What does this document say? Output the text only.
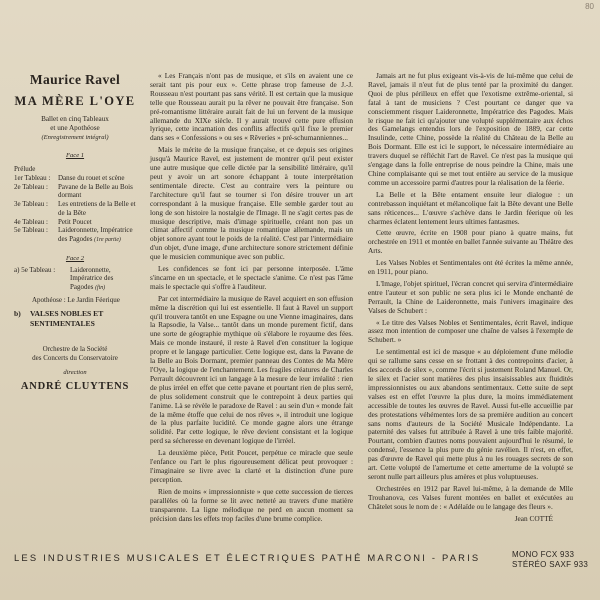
80
Maurice Ravel
MA MÈRE L'OYE
Ballet en cinq Tableaux
et une Apothéose
(Enregistrement intégral)
Face 1
Prélude
1er Tableau :	Danse du rouet et scène
2e Tableau :	Pavane de la Belle au Bois dormant
3e Tableau :	Les entretiens de la Belle et de la Bête
4e Tableau :	Petit Poucet
5e Tableau :	Laideronnette, Impératrice des Pagodes (1re partie)
Face 2
a) 5e Tableau :	Laideronnette, Impératrice des Pagodes (fin)
Apothéose : Le Jardin Féerique
b)	VALSES NOBLES ET SENTIMENTALES
Orchestre de la Société
des Concerts du Conservatoire
direction
ANDRÉ CLUYTENS

« Les Français n'ont pas de musique, et s'ils en avaient une ce serait tant pis pour eux ». Cette phrase trop fameuse de J.-J. Rousseau n'est pourtant pas sans vérité. Il est certain que la musique telle que Rousseau aurait pu la rêver ne pouvait être française. Son pré-romantisme littéraire aurait fait de lui un fervent de la musique allemande du XIXe siècle. Il y aurait trouvé cette pure effusion lyrique, cette incarnation des conflits affectifs qu'il fixe le premier dans ses « Confessions » ou ses « Rêveries » pré-schumanniennes...

Mais le mérite de la musique française, et ce depuis ses origines jusqu'à Maurice Ravel, est justement de montrer qu'il peut exister une autre musique que celle dictée par la sensibilité littéraire, qu'il peut y avoir un art sonore échappant à toute interprétation sentimentale directe. C'est au contraire vers la peinture ou l'architecture qu'il faut se tourner si l'on désire trouver un art correspondant à la musique française. Elle semble garder tout au long de son histoire la nostalgie de l'Image. Il ne s'agit certes pas de musique descriptive, mais d'image spirituelle, créant non pas un climat affectif comme la musique romantique allemande, mais un objet sonore ayant tout le poids de la réalité. C'est par l'intermédiaire d'un objet, d'une image, d'une architecture sonore strictement définie que le musicien communique avec son public.

Les confidences se font ici par personne interposée. L'âme s'incarne en un spectacle, et le spectacle s'anime. Ce n'est pas l'âme mais le spectacle qui s'offre à l'auditeur.

Par cet intermédiaire la musique de Ravel acquiert en son effusion même la discrétion qui lui est essentielle. Il faut à Ravel un support qu'il trouvera tantôt en une Espagne ou une Vienne imaginaires, dans la Rapsodie, la Valse... tantôt dans un monde purement fictif, dans une sorte de géographie mythique où s'élabore le royaume des fées. Mais ce monde instauré, il reste à Ravel d'en constituer la logique propre et le langage particulier. Cette logique est, dans la Pavane de la Belle au Bois Dormant, premier panneau des Contes de Ma Mère l'Oye, la logique de l'enchantement. Les fragiles créatures de Charles Perrault découvrent ici un langage à la mesure de leur irréalité : rien de plus irréel en effet que cette pavane et pourtant rien de plus serré, de plus solidement construit que le contrepoint à deux parties qui l'anime. Là se révèle le paradoxe de Ravel : au sein d'un « monde fait de la même étoffe que celui de nos rêves », il introduit une logique de la plus parfaite lucidité. Ce monde gagne alors une étrange solidité. Par cette logique, le rêve devient consistant et la logique perd sa sécheresse en devenant logique de l'irréel.

La deuxième pièce, Petit Poucet, perpétue ce miracle que seule l'enfance ou l'art le plus rigoureusement délicat peut provoquer : l'imaginaire se livre avec la clarté et la distinction d'une pure perception.

Rien de moins « impressionniste » que cette succession de tierces parallèles où la forme se lit avec netteté au travers d'une matière transparente. La ligne mélodique ne perd en aucun moment sa précision dans les effets trop faciles d'une brume complice.

Jamais art ne fut plus exigeant vis-à-vis de lui-même que celui de Ravel, jamais il n'eut fut de plus tenté par la proximité du danger. Quoi de plus périlleux en effet que l'exotisme extrême-oriental, si fatal à tant de musiciens ? C'est pourtant ce danger que va consciemment risquer Laideronnette, Impératrice des Pagodes. Mais le risque ne fait ici qu'ajouter une volupté supplémentaire aux échos des Gamelangs entendus lors de l'exposition de 1889, car cette Insulinde, cette Chine, possède la réalité du Château de la Belle au Bois Dormant. Elle est ici le support, le nécessaire intermédiaire au travers duquel se réfléchit l'art de Ravel. Ce n'est pas la musique qui s'engage dans la folle entreprise de nous peindre la Chine, mais une Chine complaisante qui se met tout entière au service de la musique comme un accessoire parmi d'autres pour la réalisation de la féerie.

La Belle et la Bête entament ensuite leur dialogue : un contrebasson inquiétant et mélancolique fait la Bête devant une Belle sans réticences... L'œuvre s'achève dans le Jardin féerique où les charmes éclatent lentement leurs ultimes fantasmes.

Cette œuvre, écrite en 1908 pour piano à quatre mains, fut orchestrée en 1911 et montée en ballet l'année suivante au Théâtre des Arts.

Les Valses Nobles et Sentimentales ont été écrites la même année, en 1911, pour piano.

L'Image, l'objet spirituel, l'écran concret qui servira d'intermédiaire entre l'auteur et son public ne sera plus ici le Monde enchanté de Perrault, la Chine de Laideronnette, mais l'univers imaginaire des Valses de Schubert :

« Le titre des Valses Nobles et Sentimentales, écrit Ravel, indique assez mon intention de composer une chaîne de valses à l'exemple de Schubert. »

Le sentimental est ici de masque « au déploiement d'une mélodie qui se rallume sans cesse en se frottant à des contrepoints d'acier, à des accords de silex », comme l'écrit si justement Roland Manuel. Or, le silex et l'acier sont matières des plus insaisissables aux fluidités impressionnistes ou aux abandons sentimentaux. Cette suite de sept valses est en effet l'œuvre la plus dure, la moins immédiatement accessible de toutes les œuvres de Ravel. Aussi fut-elle accueillie par des protestations véhémentes lors de sa première audition au concert sans noms d'auteurs de la Société Musicale Indépendante. La paternité des valses fut attribuée à Ravel à une très faible majorité. Pourtant, combien d'autres noms pouvaient aujourd'hui le résumé, le condensé, l'essence la plus pure du génie ravélien. Il n'est, en effet, pas d'œuvre de Ravel qui mette plus à nu les rouages secrets de son art. Cette volupté de l'amertume et cette amertume de la volupté se seront nulle part ailleurs plus amères et plus voluptueuses.

Orchestrées en 1912 par Ravel lui-même, à la demande de Mlle Trouhanova, ces Valses furent montées en ballet et exécutées au Châtelet sous le nom de : « Adélaïde ou le langage des fleurs ».

Jean COTTÉ
LES INDUSTRIES MUSICALES ET ÉLECTRIQUES PATHÉ MARCONI - PARIS	MONO FCX 933
STÉRÉO SAXF 933
